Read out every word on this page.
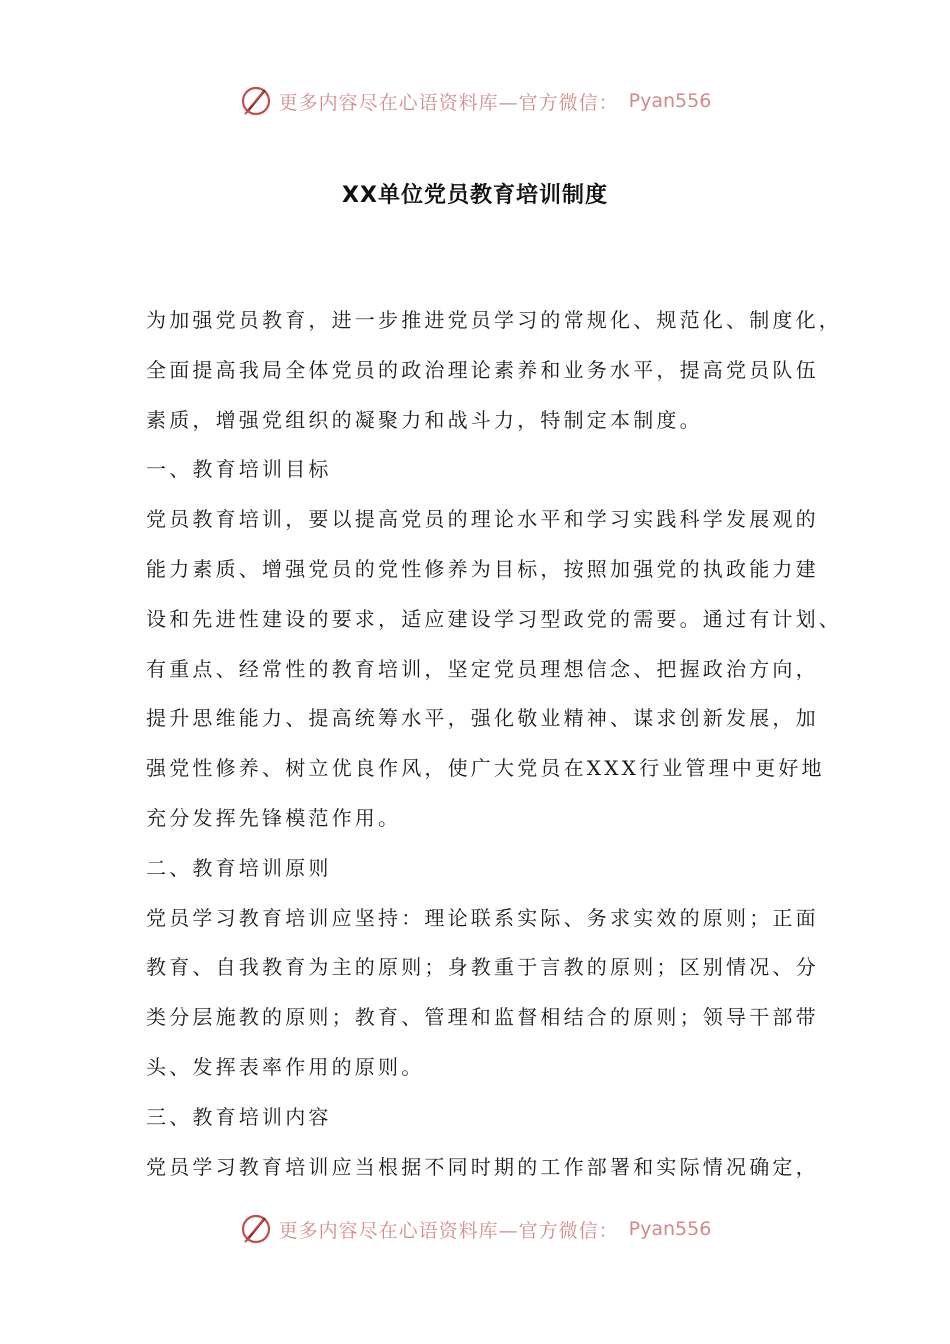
更多内容尽在心语资料库—官方微信： Pyan556
XX单位党员教育培训制度
为加强党员教育，进一步推进党员学习的常规化、规范化、制度化，
全面提高我局全体党员的政治理论素养和业务水平，提高党员队伍
素质，增强党组织的凝聚力和战斗力，特制定本制度。
一、教育培训目标
党员教育培训，要以提高党员的理论水平和学习实践科学发展观的
能力素质、增强党员的党性修养为目标，按照加强党的执政能力建
设和先进性建设的要求，适应建设学习型政党的需要。通过有计划、
有重点、经常性的教育培训，坚定党员理想信念、把握政治方向，
提升思维能力、提高统筹水平，强化敬业精神、谋求创新发展，加
强党性修养、树立优良作风，使广大党员在XXX行业管理中更好地
充分发挥先锋模范作用。
二、教育培训原则
党员学习教育培训应坚持：理论联系实际、务求实效的原则；正面
教育、自我教育为主的原则；身教重于言教的原则；区别情况、分
类分层施教的原则；教育、管理和监督相结合的原则；领导干部带
头、发挥表率作用的原则。
三、教育培训内容
党员学习教育培训应当根据不同时期的工作部署和实际情况确定，
更多内容尽在心语资料库—官方微信： Pyan556
